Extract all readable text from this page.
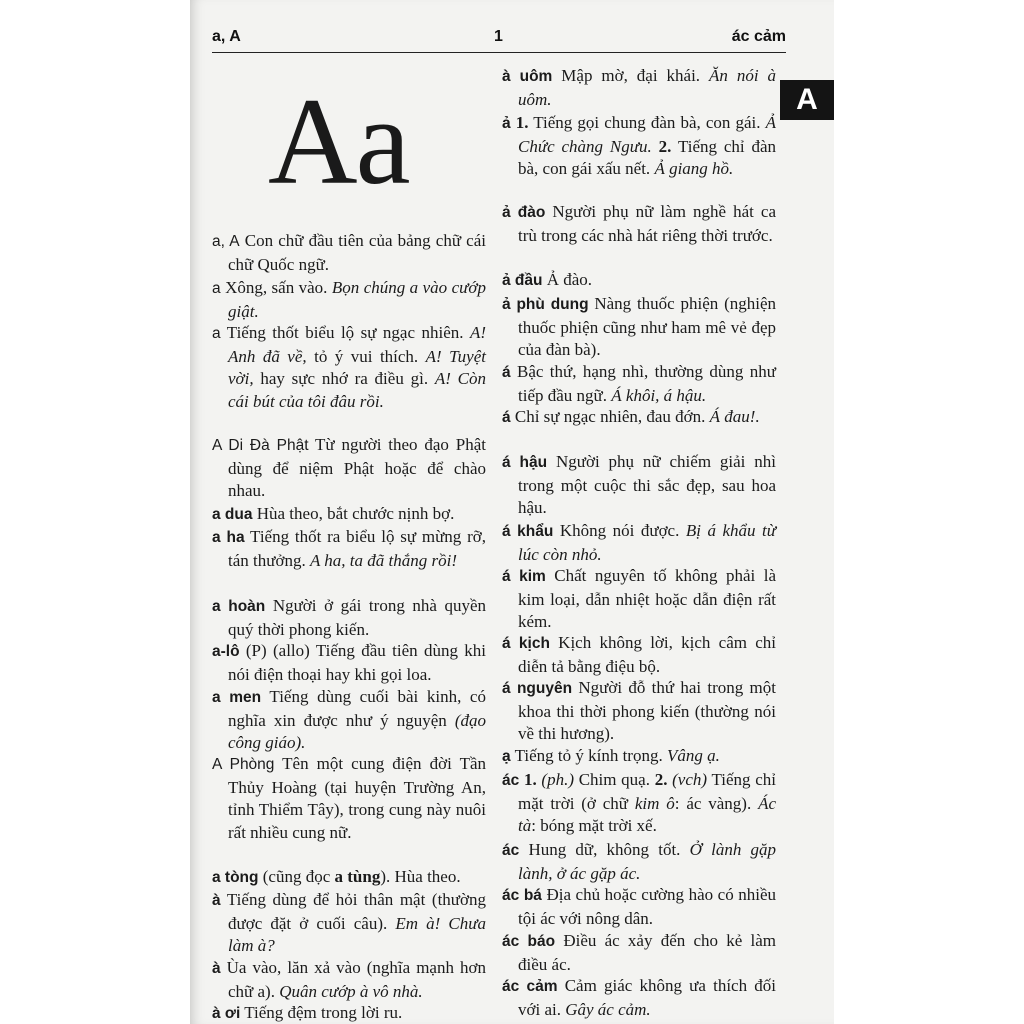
a, A	1	ác cảm
A
Aa
a, A Con chữ đầu tiên của bảng chữ cái chữ Quốc ngữ.
a Xông, sấn vào. Bọn chúng a vào cướp giật.
a Tiếng thốt biểu lộ sự ngạc nhiên. A! Anh đã về, tỏ ý vui thích. A! Tuyệt vời, hay sực nhớ ra điều gì. A! Còn cái bút của tôi đâu rồi.
A Di Đà Phật Từ người theo đạo Phật dùng để niệm Phật hoặc để chào nhau.
a dua Hùa theo, bắt chước nịnh bợ.
a ha Tiếng thốt ra biểu lộ sự mừng rỡ, tán thưởng. A ha, ta đã thắng rồi!
a hoàn Người ở gái trong nhà quyền quý thời phong kiến.
a-lô (P) (allo) Tiếng đầu tiên dùng khi nói điện thoại hay khi gọi loa.
a men Tiếng dùng cuối bài kinh, có nghĩa xin được như ý nguyện (đạo công giáo).
A Phòng Tên một cung điện đời Tần Thủy Hoàng (tại huyện Trường An, tỉnh Thiểm Tây), trong cung này nuôi rất nhiều cung nữ.
a tòng (cũng đọc a tùng). Hùa theo.
à Tiếng dùng để hỏi thân mật (thường được đặt ở cuối câu). Em à! Chưa làm à?
à Ùa vào, lăn xả vào (nghĩa mạnh hơn chữ a). Quân cướp à vô nhà.
à ơi Tiếng đệm trong lời ru.
à uôm Mập mờ, đại khái. Ăn nói à uôm.
ả 1. Tiếng gọi chung đàn bà, con gái. Ả Chức chàng Ngưu. 2. Tiếng chỉ đàn bà, con gái xấu nết. Ả giang hồ.
ả đào Người phụ nữ làm nghề hát ca trù trong các nhà hát riêng thời trước.
ả đầu Ả đào.
ả phù dung Nàng thuốc phiện (nghiện thuốc phiện cũng như ham mê vẻ đẹp của đàn bà).
á Bậc thứ, hạng nhì, thường dùng như tiếp đầu ngữ. Á khôi, á hậu.
á Chỉ sự ngạc nhiên, đau đớn. Á đau!.
á hậu Người phụ nữ chiếm giải nhì trong một cuộc thi sắc đẹp, sau hoa hậu.
á khẩu Không nói được. Bị á khẩu từ lúc còn nhỏ.
á kim Chất nguyên tố không phải là kim loại, dẫn nhiệt hoặc dẫn điện rất kém.
á kịch Kịch không lời, kịch câm chỉ diễn tả bằng điệu bộ.
á nguyên Người đỗ thứ hai trong một khoa thi thời phong kiến (thường nói về thi hương).
ạ Tiếng tỏ ý kính trọng. Vâng ạ.
ác 1. (ph.) Chim quạ. 2. (vch) Tiếng chỉ mặt trời (ở chữ kim ô: ác vàng). Ác tà: bóng mặt trời xế.
ác Hung dữ, không tốt. Ở lành gặp lành, ở ác gặp ác.
ác bá Địa chủ hoặc cường hào có nhiều tội ác với nông dân.
ác báo Điều ác xảy đến cho kẻ làm điều ác.
ác cảm Cảm giác không ưa thích đối với ai. Gây ác cảm.
